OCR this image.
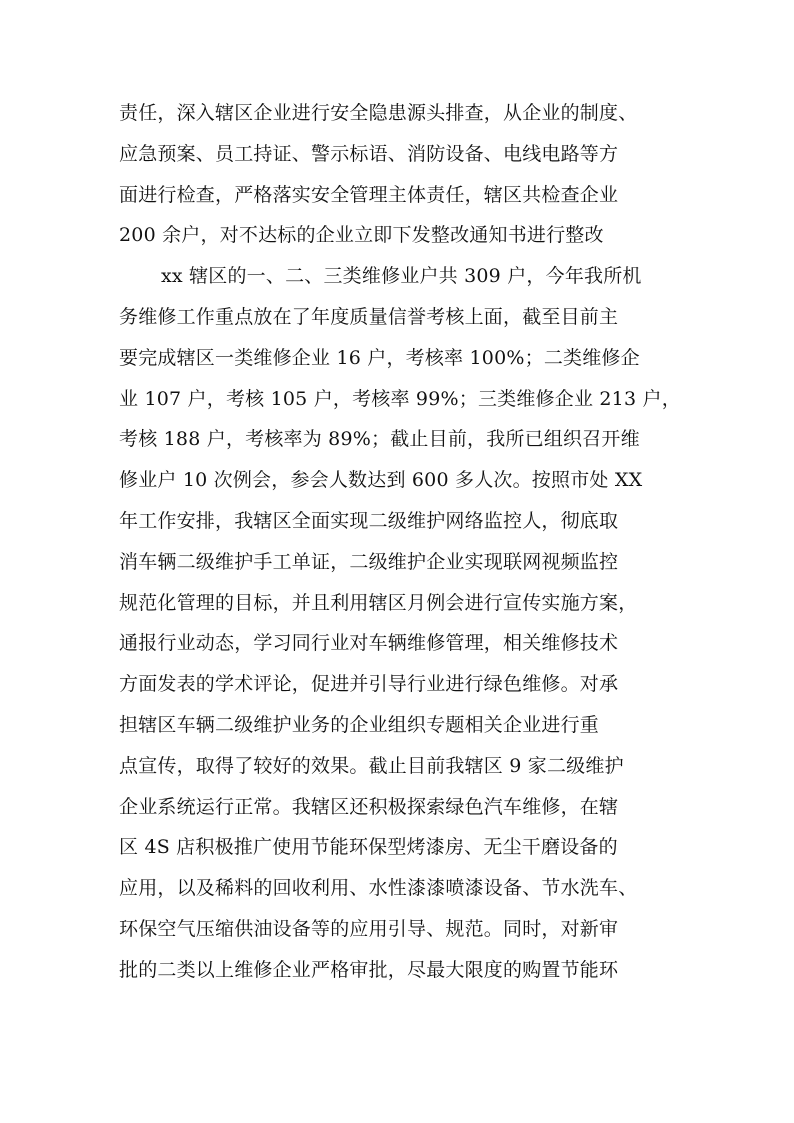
责任，深入辖区企业进行安全隐患源头排查，从企业的制度、
应急预案、员工持证、警示标语、消防设备、电线电路等方
面进行检查，严格落实安全管理主体责任，辖区共检查企业
200 余户，对不达标的企业立即下发整改通知书进行整改
xx 辖区的一、二、三类维修业户共 309 户，今年我所机
务维修工作重点放在了年度质量信誉考核上面，截至目前主
要完成辖区一类维修企业 16 户，考核率 100%；二类维修企
业 107 户，考核 105 户，考核率 99%；三类维修企业 213 户，
考核 188 户，考核率为 89%；截止目前，我所已组织召开维
修业户 10 次例会，参会人数达到 600 多人次。按照市处 XX
年工作安排，我辖区全面实现二级维护网络监控人，彻底取
消车辆二级维护手工单证，二级维护企业实现联网视频监控
规范化管理的目标，并且利用辖区月例会进行宣传实施方案，
通报行业动态，学习同行业对车辆维修管理，相关维修技术
方面发表的学术评论，促进并引导行业进行绿色维修。对承
担辖区车辆二级维护业务的企业组织专题相关企业进行重
点宣传，取得了较好的效果。截止目前我辖区 9 家二级维护
企业系统运行正常。我辖区还积极探索绿色汽车维修，在辖
区 4S 店积极推广使用节能环保型烤漆房、无尘干磨设备的
应用，以及稀料的回收利用、水性漆漆喷漆设备、节水洗车、
环保空气压缩供油设备等的应用引导、规范。同时，对新审
批的二类以上维修企业严格审批，尽最大限度的购置节能环
